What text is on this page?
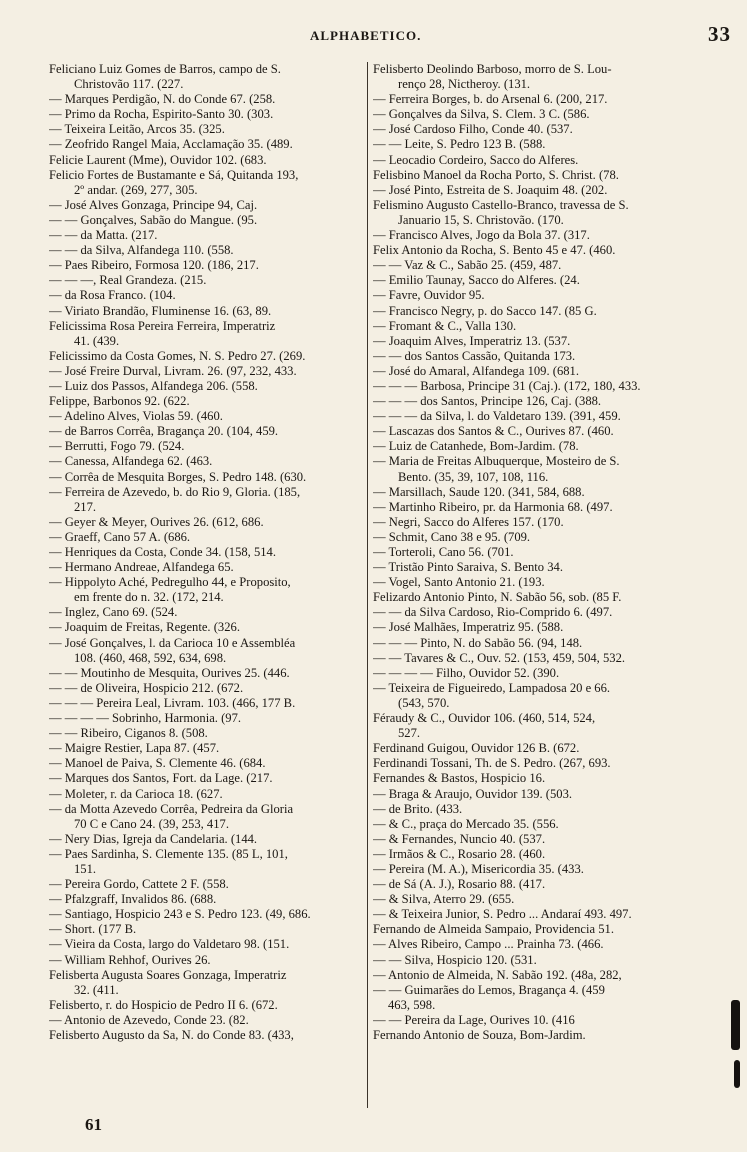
ALPHABETICO.	33
Feliciano Luiz Gomes de Barros, campo de S.
Christovão 117. (227.
— Marques Perdigão, N. do Conde 67. (258.
— Primo da Rocha, Espirito-Santo 30. (303.
— Teixeira Leitão, Arcos 35. (325.
— Zeofrido Rangel Maia, Acclamação 35. (489.
Felicie Laurent (Mme), Ouvidor 102. (683.
Felicio Fortes de Bustamante e Sá, Quitanda 193,
2º andar. (269, 277, 305.
— José Alves Gonzaga, Principe 94, Caj.
— — Gonçalves, Sabão do Mangue. (95.
— — da Matta. (217.
— — da Silva, Alfandega 110. (558.
— Paes Ribeiro, Formosa 120. (186, 217.
— — —, Real Grandeza. (215.
— da Rosa Franco. (104.
— Viriato Brandão, Fluminense 16. (63, 89.
Felicissima Rosa Pereira Ferreira, Imperatriz
41. (439.
Felicissimo da Costa Gomes, N. S. Pedro 27. (269.
— José Freire Durval, Livram. 26. (97, 232, 433.
— Luiz dos Passos, Alfandega 206. (558.
Felippe, Barbonos 92. (622.
— Adelino Alves, Violas 59. (460.
— de Barros Corrêa, Bragança 20. (104, 459.
— Berrutti, Fogo 79. (524.
— Canessa, Alfandega 62. (463.
— Corrêa de Mesquita Borges, S. Pedro 148. (630.
— Ferreira de Azevedo, b. do Rio 9, Gloria. (185,
217.
— Geyer & Meyer, Ourives 26. (612, 686.
— Graeff, Cano 57 A. (686.
— Henriques da Costa, Conde 34. (158, 514.
— Hermano Andreae, Alfandega 65.
— Hippolyto Aché, Pedregulho 44, e Proposito,
em frente do n. 32. (172, 214.
— Inglez, Cano 69. (524.
— Joaquim de Freitas, Regente. (326.
— José Gonçalves, l. da Carioca 10 e Assembléa
108. (460, 468, 592, 634, 698.
— — Moutinho de Mesquita, Ourives 25. (446.
— — de Oliveira, Hospicio 212. (672.
— — — Pereira Leal, Livram. 103. (466, 177 B.
— — — — Sobrinho, Harmonia. (97.
— — Ribeiro, Ciganos 8. (508.
— Maigre Restier, Lapa 87. (457.
— Manoel de Paiva, S. Clemente 46. (684.
— Marques dos Santos, Fort. da Lage. (217.
— Moleter, r. da Carioca 18. (627.
— da Motta Azevedo Corrêa, Pedreira da Gloria
70 C e Cano 24. (39, 253, 417.
— Nery Dias, Igreja da Candelaria. (144.
— Paes Sardinha, S. Clemente 135. (85 L, 101,
151.
— Pereira Gordo, Cattete 2 F. (558.
— Pfalzgraff, Invalidos 86. (688.
— Santiago, Hospicio 243 e S. Pedro 123. (49, 686.
— Short. (177 B.
— Vieira da Costa, largo do Valdetaro 98. (151.
— William Rehhof, Ourives 26.
Felisberta Augusta Soares Gonzaga, Imperatriz
32. (411.
Felisberto, r. do Hospicio de Pedro II 6. (672.
— Antonio de Azevedo, Conde 23. (82.
Felisberto Augusto da Sa, N. do Conde 83. (433,
Felisberto Deolindo Barboso, morro de S. Lou-
renço 28, Nictheroy. (131.
— Ferreira Borges, b. do Arsenal 6. (200, 217.
— Gonçalves da Silva, S. Clem. 3 C. (586.
— José Cardoso Filho, Conde 40. (537.
— — Leite, S. Pedro 123 B. (588.
— Leocadio Cordeiro, Sacco do Alferes.
Felisbino Manoel da Rocha Porto, S. Christ. (78.
— José Pinto, Estreita de S. Joaquim 48. (202.
Felismino Augusto Castello-Branco, travessa de S.
Januario 15, S. Christovão. (170.
— Francisco Alves, Jogo da Bola 37. (317.
Felix Antonio da Rocha, S. Bento 45 e 47. (460.
— — Vaz & C., Sabão 25. (459, 487.
— Emilio Taunay, Sacco do Alferes. (24.
— Favre, Ouvidor 95.
— Francisco Negry, p. do Sacco 147. (85 G.
— Fromant & C., Valla 130.
— Joaquim Alves, Imperatriz 13. (537.
— — dos Santos Cassão, Quitanda 173.
— José do Amaral, Alfandega 109. (681.
— — — Barbosa, Principe 31 (Caj.). (172, 180, 433.
— — — dos Santos, Principe 126, Caj. (388.
— — — da Silva, l. do Valdetaro 139. (391, 459.
— Lascazas dos Santos & C., Ourives 87. (460.
— Luiz de Catanhede, Bom-Jardim. (78.
— Maria de Freitas Albuquerque, Mosteiro de S.
Bento. (35, 39, 107, 108, 116.
— Marsillach, Saude 120. (341, 584, 688.
— Martinho Ribeiro, pr. da Harmonia 68. (497.
— Negri, Sacco do Alferes 157. (170.
— Schmit, Cano 38 e 95. (709.
— Torteroli, Cano 56. (701.
— Tristão Pinto Saraiva, S. Bento 34.
— Vogel, Santo Antonio 21. (193.
Felizardo Antonio Pinto, N. Sabão 56, sob. (85 F.
— — da Silva Cardoso, Rio-Comprido 6. (497.
— José Malhães, Imperatriz 95. (588.
— — — Pinto, N. do Sabão 56. (94, 148.
— — Tavares & C., Ouv. 52. (153, 459, 504, 532.
— — — — Filho, Ouvidor 52. (390.
— Teixeira de Figueiredo, Lampadosa 20 e 66.
(543, 570.
Féraudy & C., Ouvidor 106. (460, 514, 524,
527.
Ferdinand Guigou, Ouvidor 126 B. (672.
Ferdinandi Tossani, Th. de S. Pedro. (267, 693.
Fernandes & Bastos, Hospicio 16.
— Braga & Araujo, Ouvidor 139. (503.
— de Brito. (433.
— & C., praça do Mercado 35. (556.
— & Fernandes, Nuncio 40. (537.
— Irmãos & C., Rosario 28. (460.
— Pereira (M. A.), Misericordia 35. (433.
— de Sá (A. J.), Rosario 88. (417.
— & Silva, Aterro 29. (655.
— & Teixeira Junior, S. Pedro ... Andaraí 493. 497.
Fernando de Almeida Sampaio, Providencia 51.
— Alves Ribeiro, Campo ... Prainha 73. (466.
— — Silva, Hospicio 120. (531.
— Antonio de Almeida, N. Sabão 192. (48a, 282,
— — Guimarães do Lemos, Bragança 4. (459
463, 598.
— — Pereira da Lage, Ourives 10. (416
Fernando Antonio de Souza, Bom-Jardim.
61
